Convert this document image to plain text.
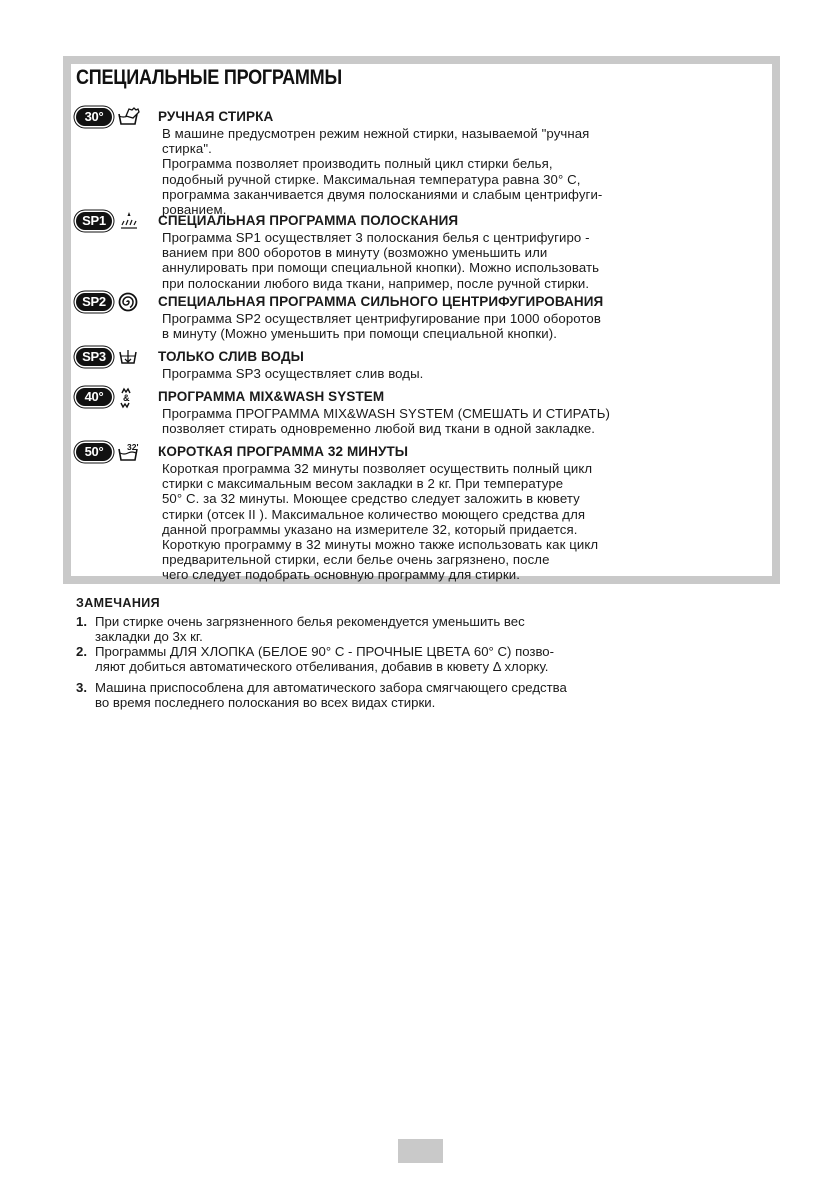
СПЕЦИАЛЬНЫЕ ПРОГРАММЫ
30°	РУЧНАЯ СТИРКА

В машине предусмотрен режим нежной стирки, называемой "ручная
стирка".
Программа позволяет производить полный цикл стирки белья,
подобный ручной стирке. Максимальная температура равна 30° С,
программа заканчивается двумя полосканиями и слабым центрифуги-
рованием.

SP1	СПЕЦИАЛЬНАЯ ПРОГРАММА ПОЛОСКАНИЯ

Программа SP1 осуществляет 3 полоскания белья с центрифугиро -
ванием при 800 оборотов в минуту (возможно уменьшить или
аннулировать при помощи специальной кнопки). Можно использовать
при полоскании любого вида ткани, например, после ручной стирки.

SP2	СПЕЦИАЛЬНАЯ ПРОГРАММА СИЛЬНОГО ЦЕНТРИФУГИРОВАНИЯ

Программа SP2 осуществляет центрифугирование при 1000 оборотов
в минуту (Можно уменьшить при помощи специальной кнопки).

SP3	ТОЛЬКО СЛИВ ВОДЫ

Программа SP3 осуществляет слив воды.

40°	& ПРОГРАММА MIX&WASH SYSTEM

Программа ПРОГРАММА MIX&WASH SYSTEM (СМЕШАТЬ И СТИРАТЬ)
позволяет стирать одновременно любой вид ткани в одной закладке.

50°	32' КОРОТКАЯ ПРОГРАММА 32 МИНУТЫ

Короткая программа 32 минуты позволяет осуществить полный цикл
стирки с максимальным весом закладки в 2 кг. При температуре
50° С. за 32 минуты. Моющее средство следует заложить в кювету
стирки (отсек II ). Максимальное количество моющего средства для
данной программы указано на измерителе 32, который придается.
Короткую программу в 32 минуты можно также использовать как цикл
предварительной стирки, если белье очень загрязнено, после
чего следует подобрать основную программу для стирки.

ЗАМЕЧАНИЯ
1. При стирке очень загрязненного белья рекомендуется уменьшить вес
закладки до 3х кг.
2. Программы ДЛЯ ХЛОПКА (БЕЛОЕ 90° С - ПРОЧНЫЕ ЦВЕТА 60° С) позво-
ляют добиться автоматического отбеливания, добавив в кювету Δ хлорку.
3. Машина приспособлена для автоматического забора смягчающего средства
во время последнего полоскания во всех видах стирки.
